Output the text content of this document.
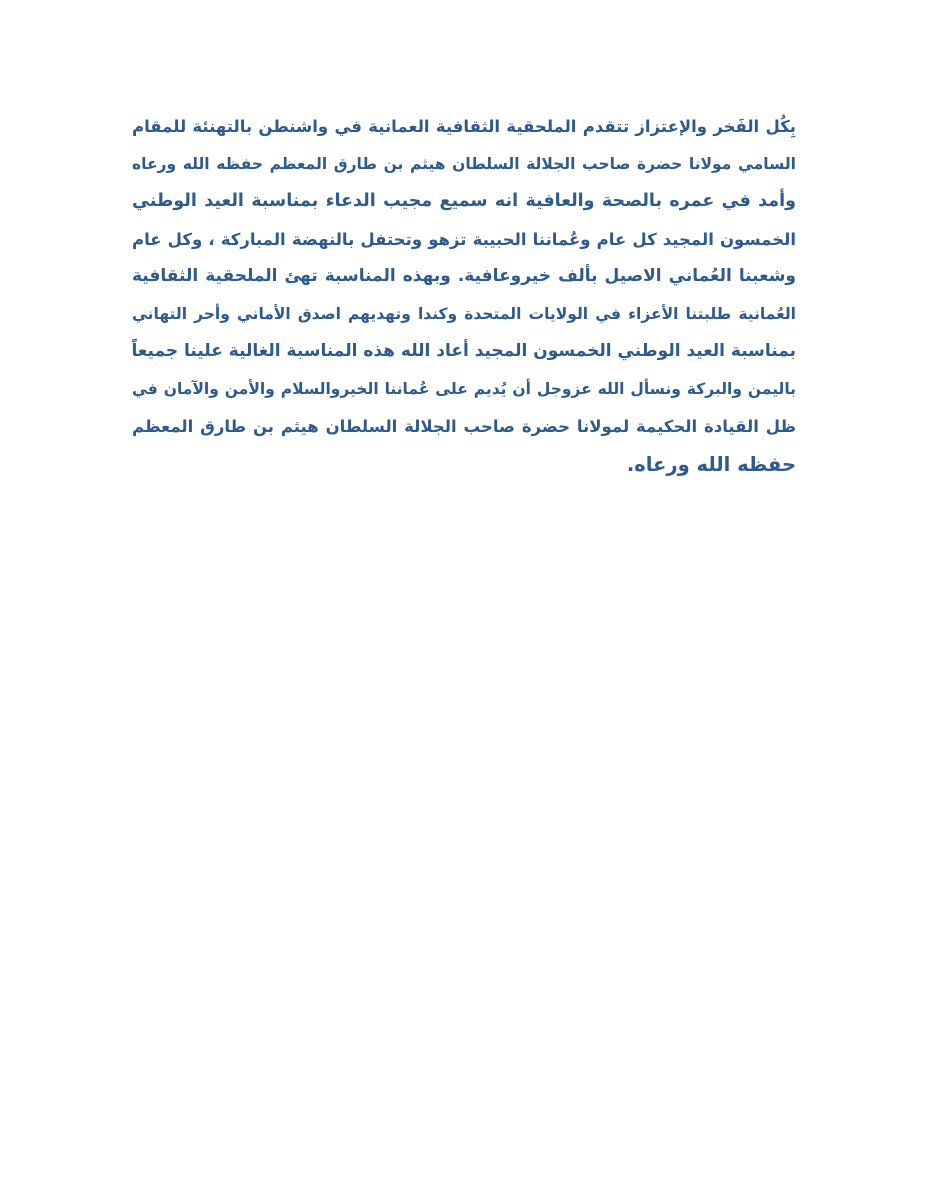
بِكُل الفَخر والإعتزاز تتقدم الملحقية الثقافية العمانية في واشنطن بالتهنئة للمقام
السامي مولانا حضرة صاحب الجلالة السلطان هيثم بن طارق المعظم حفظه الله ورعاه
وأمد في عمره بالصحة والعافية انه سميع مجيب الدعاء بمناسبة العيد الوطني
الخمسون المجيد كل عام وعُماننا الحبيبة تزهو وتحتفل بالنهضة المباركة ، وكل عام
وشعبنا العُماني الاصيل بألف خيروعافية. وبهذه المناسبة تهئ الملحقية الثقافية
العُمانية طلبتنا الأعزاء في الولايات المتحدة وكندا وتهديهم اصدق الأماني وأحر التهاني
بمناسبة العيد الوطني الخمسون المجيد أعاد الله هذه المناسبة الغالية علينا جميعاً
باليمن والبركة ونسأل الله عزوجل أن يُديم على عُماننا الخيروالسلام والأمن والآمان في
ظل القيادة الحكيمة لمولانا حضرة صاحب الجلالة السلطان هيثم بن طارق المعظم
حفظه الله ورعاه.
